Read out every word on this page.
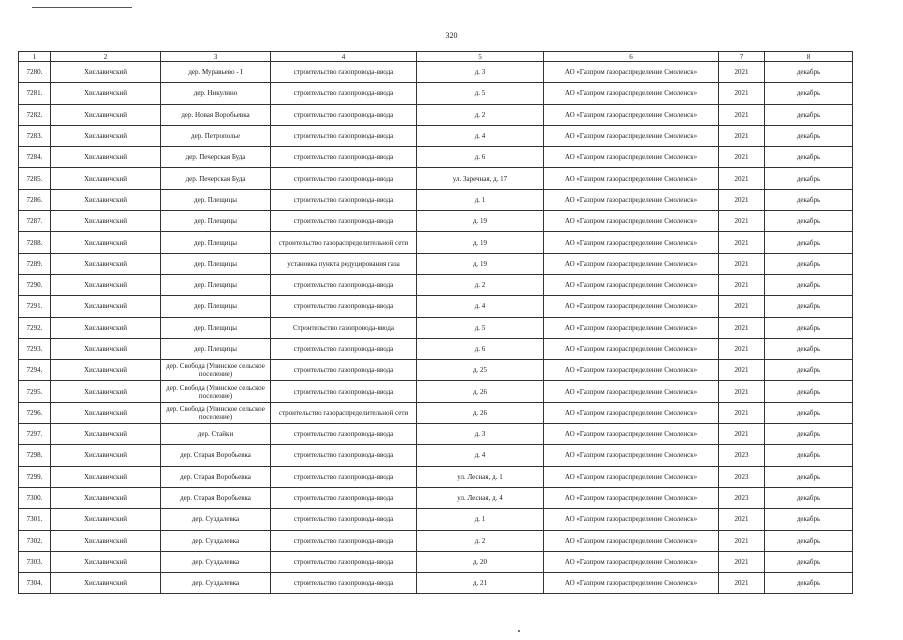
320
1	2	3	4	5	6	7	8
7280.	Хиславичский	дер. Муравьево - I	строительство газопровода-ввода	д. 3	АО «Газпром газораспределение Смоленск»	2021	декабрь
7281.	Хиславичский	дер. Никулино	строительство газопровода-ввода	д. 5	АО «Газпром газораспределение Смоленск»	2021	декабрь
7282.	Хиславичский	дер. Новая Воробьевка	строительство газопровода-ввода	д. 2	АО «Газпром газораспределение Смоленск»	2021	декабрь
7283.	Хиславичский	дер. Петрополье	строительство газопровода-ввода	д. 4	АО «Газпром газораспределение Смоленск»	2021	декабрь
7284.	Хиславичский	дер. Печерская Буда	строительство газопровода-ввода	д. 6	АО «Газпром газораспределение Смоленск»	2021	декабрь
7285.	Хиславичский	дер. Печерская Буда	строительство газопровода-ввода	ул. Заречная, д. 17	АО «Газпром газораспределение Смоленск»	2021	декабрь
7286.	Хиславичский	дер. Плещицы	строительство газопровода-ввода	д. 1	АО «Газпром газораспределение Смоленск»	2021	декабрь
7287.	Хиславичский	дер. Плещицы	строительство газопровода-ввода	д. 19	АО «Газпром газораспределение Смоленск»	2021	декабрь
7288.	Хиславичский	дер. Плещицы	строительство газораспределительной сети	д. 19	АО «Газпром газораспределение Смоленск»	2021	декабрь
7289.	Хиславичский	дер. Плещицы	установка пункта редуцирования газа	д. 19	АО «Газпром газораспределение Смоленск»	2021	декабрь
7290.	Хиславичский	дер. Плещицы	строительство газопровода-ввода	д. 2	АО «Газпром газораспределение Смоленск»	2021	декабрь
7291.	Хиславичский	дер. Плещицы	строительство газопровода-ввода	д. 4	АО «Газпром газораспределение Смоленск»	2021	декабрь
7292.	Хиславичский	дер. Плещицы	Строительство газопровода-ввода	д. 5	АО «Газпром газораспределение Смоленск»	2021	декабрь
7293.	Хиславичский	дер. Плещицы	строительство газопровода-ввода	д. 6	АО «Газпром газораспределение Смоленск»	2021	декабрь
7294.	Хиславичский	дер. Свобода (Упинское сельское поселение)	строительство газопровода-ввода	д. 25	АО «Газпром газораспределение Смоленск»	2021	декабрь
7295.	Хиславичский	дер. Свобода (Упинское сельское поселение)	строительство газопровода-ввода	д. 26	АО «Газпром газораспределение Смоленск»	2021	декабрь
7296.	Хиславичский	дер. Свобода (Упинское сельское поселение)	строительство газораспределительной сети	д. 26	АО «Газпром газораспределение Смоленск»	2021	декабрь
7297.	Хиславичский	дер. Стайки	строительство газопровода-ввода	д. 3	АО «Газпром газораспределение Смоленск»	2021	декабрь
7298.	Хиславичский	дер. Старая Воробьевка	строительство газопровода-ввода	д. 4	АО «Газпром газораспределение Смоленск»	2023	декабрь
7299.	Хиславичский	дер. Старая Воробьевка	строительство газопровода-ввода	ул. Лесная, д. 1	АО «Газпром газораспределение Смоленск»	2023	декабрь
7300.	Хиславичский	дер. Старая Воробьевка	строительство газопровода-ввода	ул. Лесная, д. 4	АО «Газпром газораспределение Смоленск»	2023	декабрь
7301.	Хиславичский	дер. Суздалевка	строительство газопровода-ввода	д. 1	АО «Газпром газораспределение Смоленск»	2021	декабрь
7302.	Хиславичский	дер. Суздалевка	строительство газопровода-ввода	д. 2	АО «Газпром газораспределение Смоленск»	2021	декабрь
7303.	Хиславичский	дер. Суздалевка	строительство газопровода-ввода	д. 20	АО «Газпром газораспределение Смоленск»	2021	декабрь
7304.	Хиславичский	дер. Суздалевка	строительство газопровода-ввода	д. 21	АО «Газпром газораспределение Смоленск»	2021	декабрь
